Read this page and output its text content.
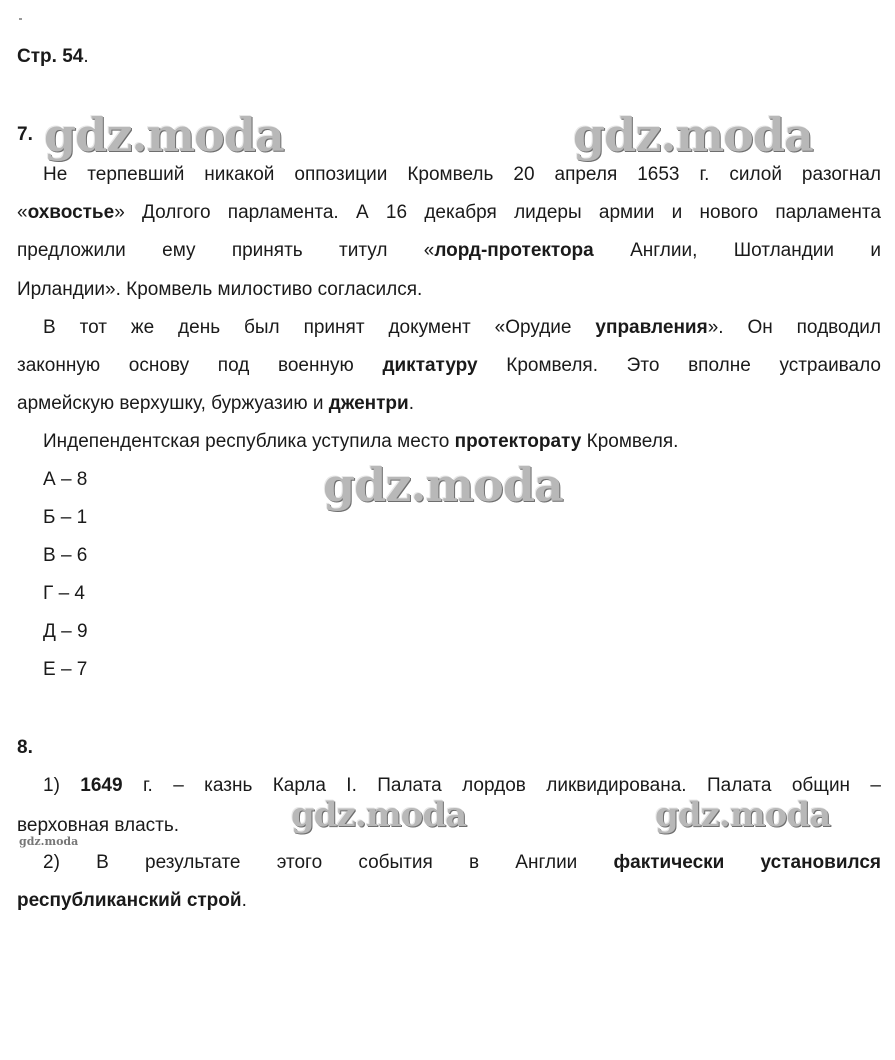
Стр. 54.
7.
Не терпевший никакой оппозиции Кромвель 20 апреля 1653 г. силой разогнал
«охвостье» Долгого парламента. А 16 декабря лидеры армии и нового парламента
предложили ему принять титул «лорд-протектора Англии, Шотландии и
Ирландии». Кромвель милостиво согласился.
В тот же день был принят документ «Орудие управления». Он подводил
законную основу под военную диктатуру Кромвеля. Это вполне устраивало
армейскую верхушку, буржуазию и джентри.
Индепендентская республика уступила место протекторату Кромвеля.
А – 8
Б – 1
В – 6
Г – 4
Д – 9
Е – 7
8.
1) 1649 г. – казнь Карла I. Палата лордов ликвидирована. Палата общин –
верховная власть.
2) В результате этого события в Англии фактически установился
республиканский строй.
gdz.moda	gdz.moda
gdz.moda
gdz.moda	gdz.moda
gdz.moda
